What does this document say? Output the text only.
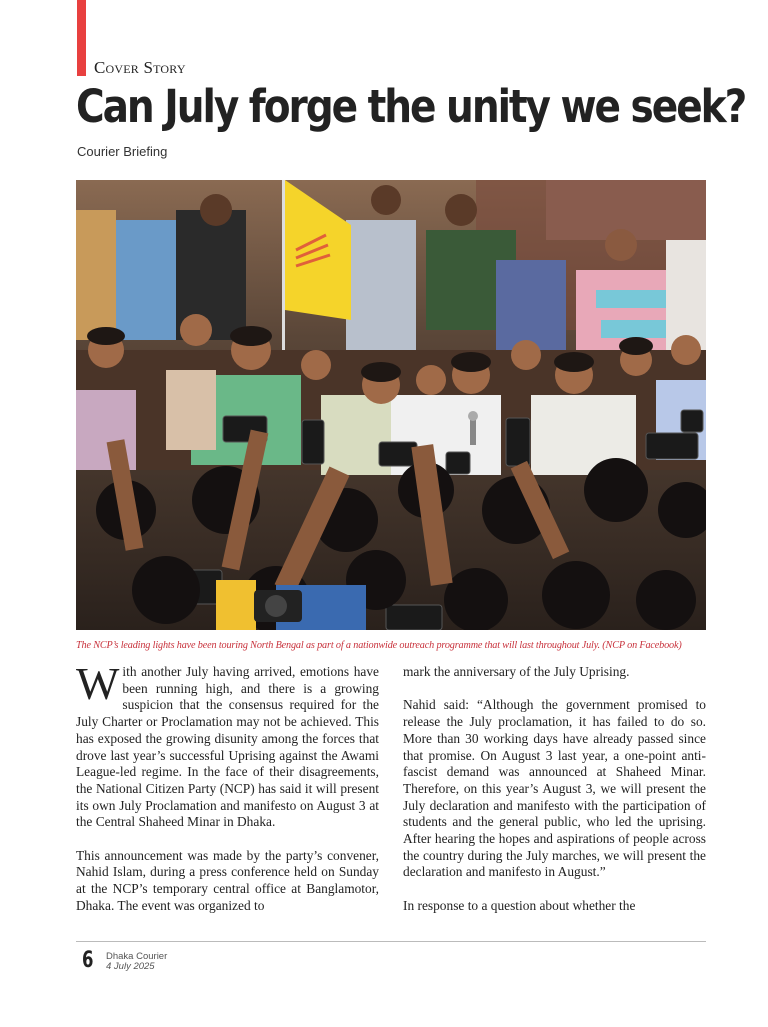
Cover Story
Can July forge the unity we seek?
Courier Briefing
The NCP’s leading lights have been touring North Bengal as part of a nationwide outreach programme that will last throughout July. (NCP on Facebook)

With another July having arrived, emotions have been running high, and there is a growing suspicion that the consensus required for the July Charter or Proclamation may not be achieved. This has exposed the growing disunity among the forces that drove last year’s successful Uprising against the Awami League-led regime. In the face of their disagreements, the National Citizen Party (NCP) has said it will present its own July Proclamation and manifesto on August 3 at the Central Shaheed Minar in Dhaka.

This announcement was made by the party’s convener, Nahid Islam, during a press conference held on Sunday at the NCP’s temporary central office at Banglamotor, Dhaka. The event was organized to

mark the anniversary of the July Uprising.

Nahid said: “Although the government promised to release the July proclamation, it has failed to do so. More than 30 working days have already passed since that promise. On August 3 last year, a one-point anti-fascist demand was announced at Shaheed Minar. Therefore, on this year’s August 3, we will present the July declaration and manifesto with the participation of students and the general public, who led the uprising. After hearing the hopes and aspirations of people across the country during the July marches, we will present the declaration and manifesto in August.”

In response to a question about whether the

6 Dhaka Courier
4 July 2025
